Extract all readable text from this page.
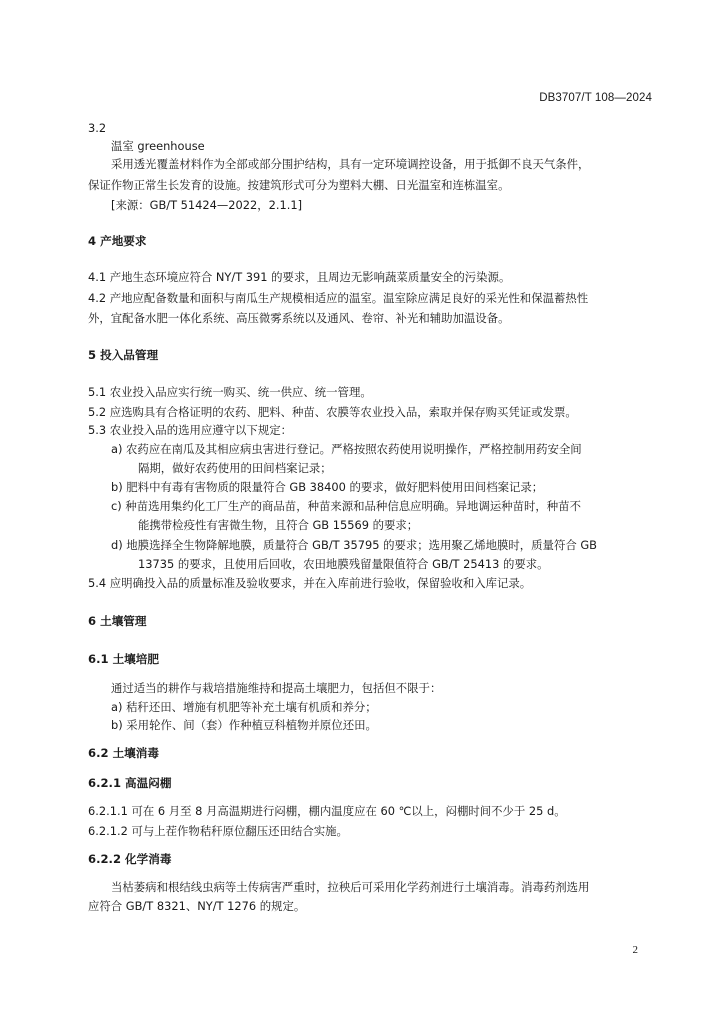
DB3707/T 108—2024
3.2
温室 greenhouse
采用透光覆盖材料作为全部或部分围护结构，具有一定环境调控设备，用于抵御不良天气条件，
保证作物正常生长发育的设施。按建筑形式可分为塑料大棚、日光温室和连栋温室。
[来源：GB/T 51424—2022，2.1.1]
4 产地要求
4.1 产地生态环境应符合 NY/T 391 的要求，且周边无影响蔬菜质量安全的污染源。
4.2 产地应配备数量和面积与南瓜生产规模相适应的温室。温室除应满足良好的采光性和保温蓄热性
外，宜配备水肥一体化系统、高压微雾系统以及通风、卷帘、补光和辅助加温设备。
5 投入品管理
5.1 农业投入品应实行统一购买、统一供应、统一管理。
5.2 应选购具有合格证明的农药、肥料、种苗、农膜等农业投入品，索取并保存购买凭证或发票。
5.3 农业投入品的选用应遵守以下规定：
a) 农药应在南瓜及其相应病虫害进行登记。严格按照农药使用说明操作，严格控制用药安全间
隔期，做好农药使用的田间档案记录；
b) 肥料中有毒有害物质的限量符合 GB 38400 的要求，做好肥料使用田间档案记录；
c) 种苗选用集约化工厂生产的商品苗，种苗来源和品种信息应明确。异地调运种苗时，种苗不
能携带检疫性有害微生物，且符合 GB 15569 的要求；
d) 地膜选择全生物降解地膜，质量符合 GB/T 35795 的要求；选用聚乙烯地膜时，质量符合 GB
13735 的要求，且使用后回收，农田地膜残留量限值符合 GB/T 25413 的要求。
5.4 应明确投入品的质量标准及验收要求，并在入库前进行验收，保留验收和入库记录。
6 土壤管理
6.1 土壤培肥
通过适当的耕作与栽培措施维持和提高土壤肥力，包括但不限于：
a) 秸秆还田、增施有机肥等补充土壤有机质和养分；
b) 采用轮作、间（套）作种植豆科植物并原位还田。
6.2 土壤消毒
6.2.1 高温闷棚
6.2.1.1 可在 6 月至 8 月高温期进行闷棚，棚内温度应在 60 ℃以上，闷棚时间不少于 25 d。
6.2.1.2 可与上茬作物秸秆原位翻压还田结合实施。
6.2.2 化学消毒
当枯萎病和根结线虫病等土传病害严重时，拉秧后可采用化学药剂进行土壤消毒。消毒药剂选用
应符合 GB/T 8321、NY/T 1276 的规定。
2
